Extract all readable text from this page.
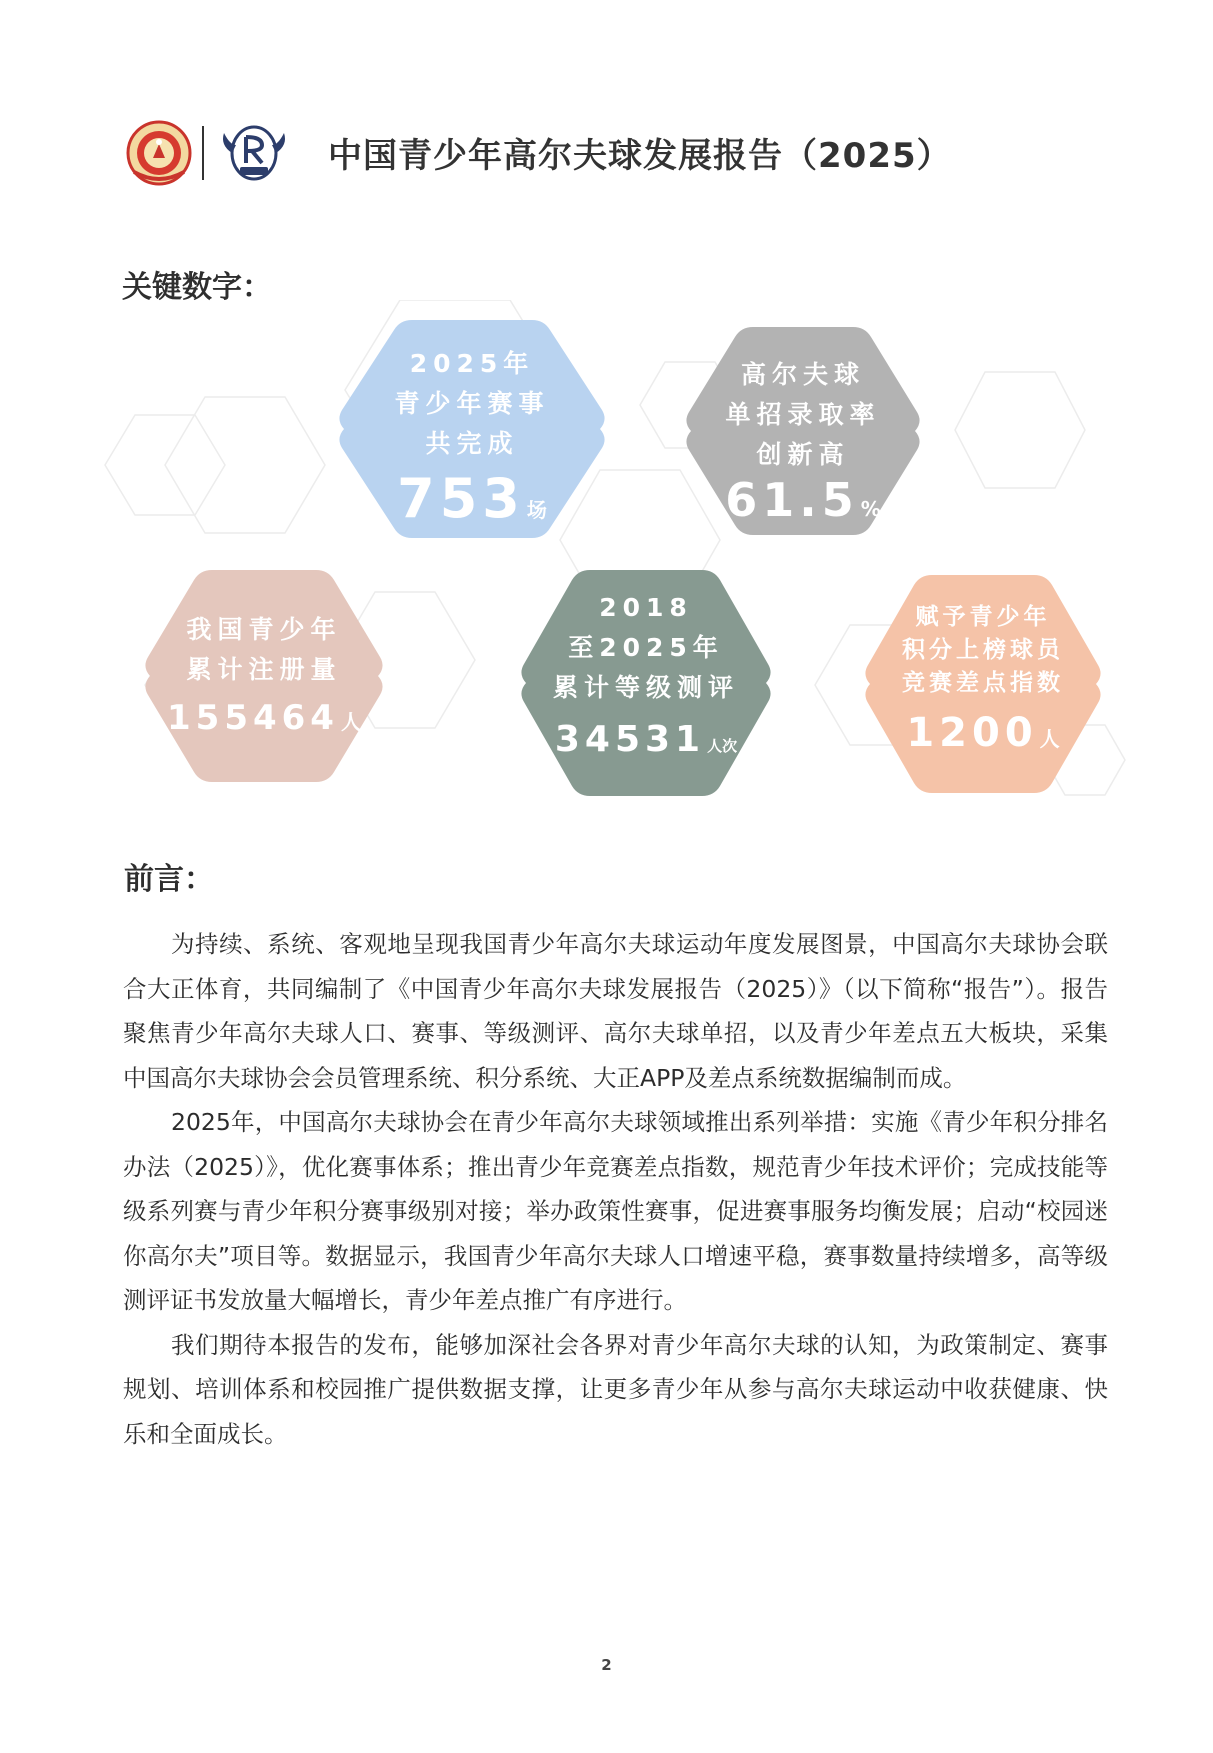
中国青少年高尔夫球发展报告（2025）
关键数字：
2025年
青少年赛事
共完成
753 场
高尔夫球
单招录取率
创新高
61.5 %
我国青少年
累计注册量
155464 人
2018
至2025年
累计等级测评
34531 人次
赋予青少年
积分上榜球员
竞赛差点指数
1200 人
前言：

为持续、系统、客观地呈现我国青少年高尔夫球运动年度发展图景，中国高尔夫球协会联合大正体育，共同编制了《中国青少年高尔夫球发展报告（2025）》（以下简称“报告”）。报告聚焦青少年高尔夫球人口、赛事、等级测评、高尔夫球单招，以及青少年差点五大板块，采集中国高尔夫球协会会员管理系统、积分系统、大正APP及差点系统数据编制而成。

2025年，中国高尔夫球协会在青少年高尔夫球领域推出系列举措：实施《青少年积分排名办法（2025）》，优化赛事体系；推出青少年竞赛差点指数，规范青少年技术评价；完成技能等级系列赛与青少年积分赛事级别对接；举办政策性赛事，促进赛事服务均衡发展；启动“校园迷你高尔夫”项目等。数据显示，我国青少年高尔夫球人口增速平稳，赛事数量持续增多，高等级测评证书发放量大幅增长，青少年差点推广有序进行。

我们期待本报告的发布，能够加深社会各界对青少年高尔夫球的认知，为政策制定、赛事规划、培训体系和校园推广提供数据支撑，让更多青少年从参与高尔夫球运动中收获健康、快乐和全面成长。

2
